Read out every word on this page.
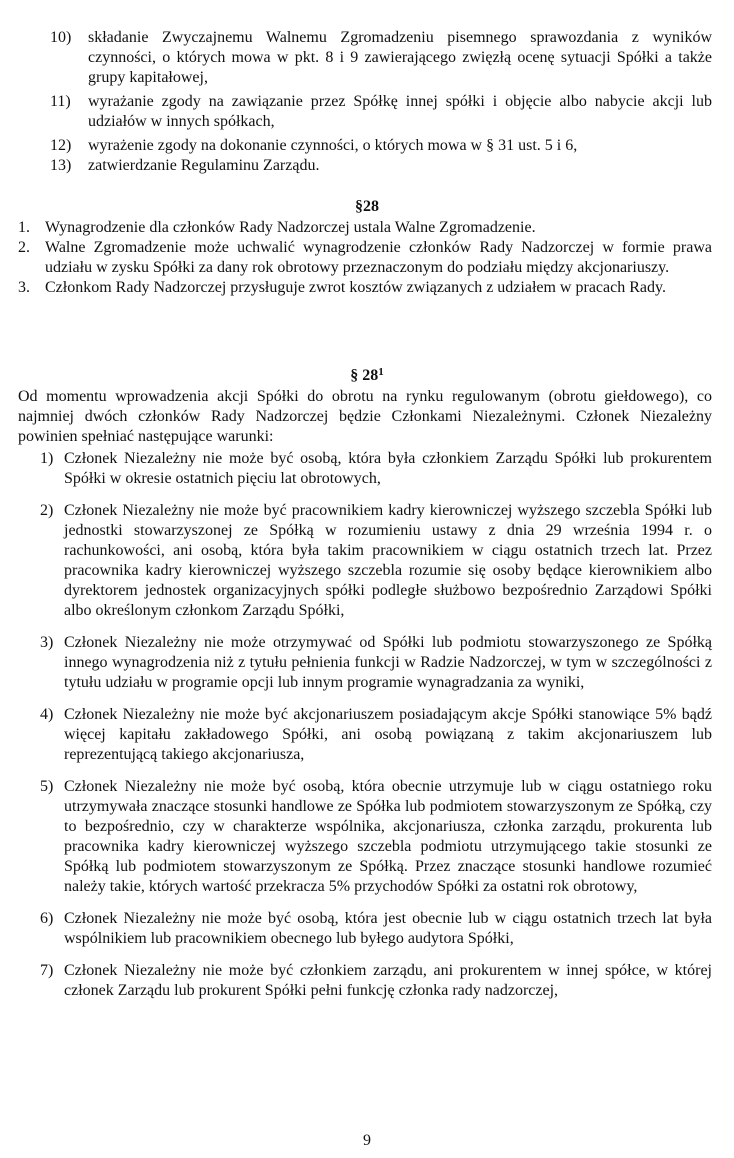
10) składanie Zwyczajnemu Walnemu Zgromadzeniu pisemnego sprawozdania z wyników czynności, o których mowa w pkt. 8 i 9 zawierającego zwięzłą ocenę sytuacji Spółki a także grupy kapitałowej,
11) wyrażanie zgody na zawiązanie przez Spółkę innej spółki i objęcie albo nabycie akcji lub udziałów w innych spółkach,
12) wyrażenie zgody na dokonanie czynności, o których mowa w § 31 ust. 5 i 6,
13) zatwierdzanie Regulaminu Zarządu.
§28
1. Wynagrodzenie dla członków Rady Nadzorczej ustala Walne Zgromadzenie.
2. Walne Zgromadzenie może uchwalić wynagrodzenie członków Rady Nadzorczej w formie prawa udziału w zysku Spółki za dany rok obrotowy przeznaczonym do podziału między akcjonariuszy.
3. Członkom Rady Nadzorczej przysługuje zwrot kosztów związanych z udziałem w pracach Rady.
§ $28^1$
Od momentu wprowadzenia akcji Spółki do obrotu na rynku regulowanym (obrotu giełdowego), co najmniej dwóch członków Rady Nadzorczej będzie Członkami Niezależnymi. Członek Niezależny powinien spełniać następujące warunki:
1) Członek Niezależny nie może być osobą, która była członkiem Zarządu Spółki lub prokurentem Spółki w okresie ostatnich pięciu lat obrotowych,
2) Członek Niezależny nie może być pracownikiem kadry kierowniczej wyższego szczebla Spółki lub jednostki stowarzyszonej ze Spółką w rozumieniu ustawy z dnia 29 września 1994 r. o rachunkowości, ani osobą, która była takim pracownikiem w ciągu ostatnich trzech lat. Przez pracownika kadry kierowniczej wyższego szczebla rozumie się osoby będące kierownikiem albo dyrektorem jednostek organizacyjnych spółki podległe służbowo bezpośrednio Zarządowi Spółki albo określonym członkom Zarządu Spółki,
3) Członek Niezależny nie może otrzymywać od Spółki lub podmiotu stowarzyszonego ze Spółką innego wynagrodzenia niż z tytułu pełnienia funkcji w Radzie Nadzorczej, w tym w szczególności z tytułu udziału w programie opcji lub innym programie wynagradzania za wyniki,
4) Członek Niezależny nie może być akcjonariuszem posiadającym akcje Spółki stanowiące 5% bądź więcej kapitału zakładowego Spółki, ani osobą powiązaną z takim akcjonariuszem lub reprezentującą takiego akcjonariusza,
5) Członek Niezależny nie może być osobą, która obecnie utrzymuje lub w ciągu ostatniego roku utrzymywała znaczące stosunki handlowe ze Spółka lub podmiotem stowarzyszonym ze Spółką, czy to bezpośrednio, czy w charakterze wspólnika, akcjonariusza, członka zarządu, prokurenta lub pracownika kadry kierowniczej wyższego szczebla podmiotu utrzymującego takie stosunki ze Spółką lub podmiotem stowarzyszonym ze Spółką. Przez znaczące stosunki handlowe rozumieć należy takie, których wartość przekracza 5% przychodów Spółki za ostatni rok obrotowy,
6) Członek Niezależny nie może być osobą, która jest obecnie lub w ciągu ostatnich trzech lat była wspólnikiem lub pracownikiem obecnego lub byłego audytora Spółki,
7) Członek Niezależny nie może być członkiem zarządu, ani prokurentem w innej spółce, w której członek Zarządu lub prokurent Spółki pełni funkcję członka rady nadzorczej,
9
